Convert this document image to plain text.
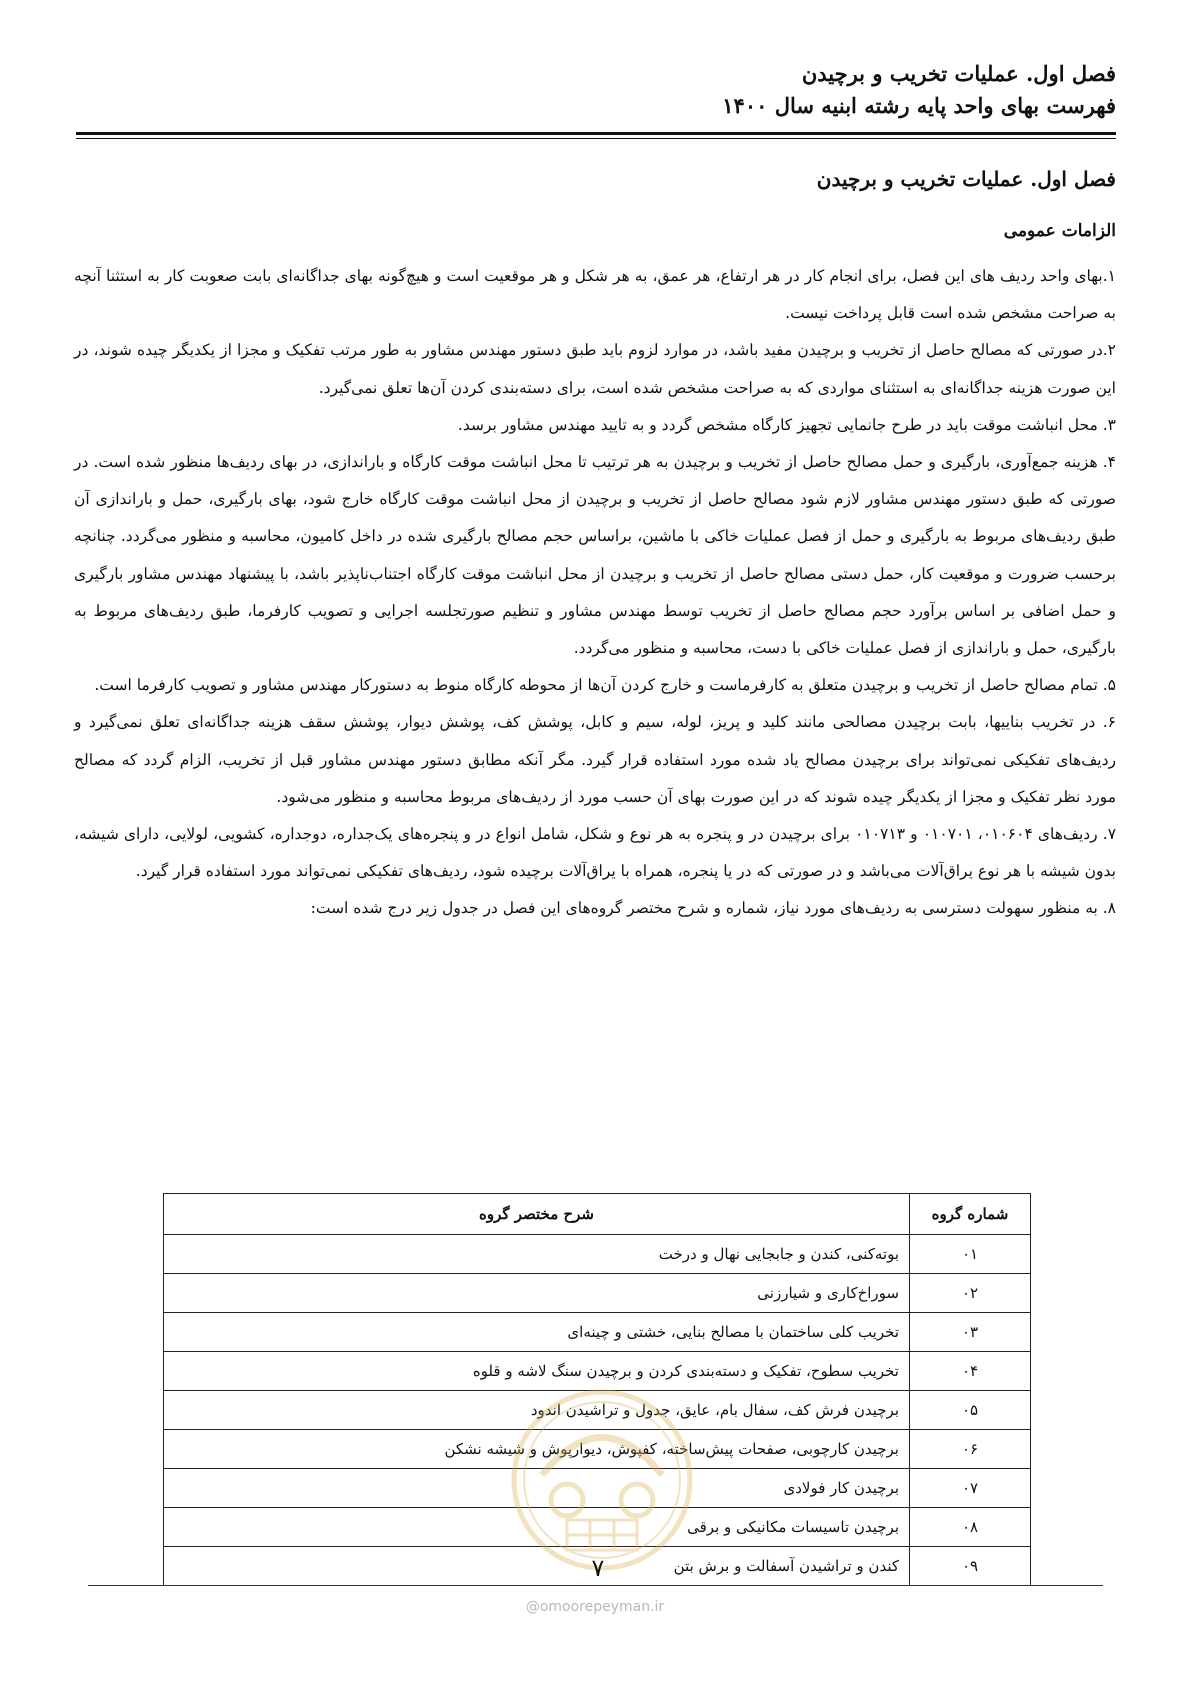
فصل اول. عملیات تخریب و برچیدن
فهرست بهای واحد پایه رشته ابنیه سال ۱۴۰۰
فصل اول. عملیات تخریب و برچیدن
الزامات عمومی

۱.بهای واحد ردیف های این فصل، برای انجام کار در هر ارتفاع، هر عمق، به هر شکل و هر موقعیت است و هیچ‌گونه بهای جداگانه‌ای بابت صعوبت کار به استثنا آنچه به صراحت مشخص شده است قابل پرداخت نیست.

۲.در صورتی که مصالح حاصل از تخریب و برچیدن مفید باشد، در موارد لزوم باید طبق دستور مهندس مشاور به طور مرتب تفکیک و مجزا از یکدیگر چیده شوند، در این صورت هزینه جداگانه‌ای به استثنای مواردی که به صراحت مشخص شده است، برای دسته‌بندی کردن آن‌ها تعلق نمی‌گیرد.

۳. محل انباشت موقت باید در طرح جانمایی تجهیز کارگاه مشخص گردد و به تایید مهندس مشاور برسد.

۴. هزینه جمع‌آوری، بارگیری و حمل مصالح حاصل از تخریب و برچیدن به هر ترتیب تا محل انباشت موقت کارگاه و باراندازی، در بهای ردیف‌ها منظور شده است. در صورتی که طبق دستور مهندس مشاور لازم شود مصالح حاصل از تخریب و برچیدن از محل انباشت موقت کارگاه خارج شود، بهای بارگیری، حمل و باراندازی آن طبق ردیف‌های مربوط به بارگیری و حمل از فصل عملیات خاکی با ماشین، براساس حجم مصالح بارگیری شده در داخل کامیون، محاسبه و منظور می‌گردد. چنانچه برحسب ضرورت و موقعیت کار، حمل دستی مصالح حاصل از تخریب و برچیدن از محل انباشت موقت کارگاه اجتناب‌ناپذیر باشد، با پیشنهاد مهندس مشاور بارگیری و حمل اضافی بر اساس برآورد حجم مصالح حاصل از تخریب توسط مهندس مشاور و تنظیم صورتجلسه اجرایی و تصویب کارفرما، طبق ردیف‌های مربوط به بارگیری، حمل و باراندازی از فصل عملیات خاکی با دست، محاسبه و منظور می‌گردد.

۵. تمام مصالح حاصل از تخریب و برچیدن متعلق به کارفرماست و خارج کردن آن‌ها از محوطه کارگاه منوط به دستورکار مهندس مشاور و تصویب کارفرما است.

۶. در تخریب بناییها، بابت برچیدن مصالحی مانند کلید و پریز، لوله، سیم و کابل، پوشش کف، پوشش دیوار، پوشش سقف هزینه جداگانه‌ای تعلق نمی‌گیرد و ردیف‌های تفکیکی نمی‌تواند برای برچیدن مصالح یاد شده مورد استفاده قرار گیرد. مگر آنکه مطابق دستور مهندس مشاور قبل از تخریب، الزام گردد که مصالح مورد نظر تفکیک و مجزا از یکدیگر چیده شوند که در این صورت بهای آن حسب مورد از ردیف‌های مربوط محاسبه و منظور می‌شود.

۷. ردیف‌های ۰۱۰۶۰۴، ۰۱۰۷۰۱ و ۰۱۰۷۱۳ برای برچیدن در و پنجره به هر نوع و شکل، شامل انواع در و پنجره‌های یک‌جداره، دوجداره، کشویی، لولایی، دارای شیشه، بدون شیشه با هر نوع یراق‌آلات می‌باشد و در صورتی که در یا پنجره، همراه با یراق‌آلات برچیده شود، ردیف‌های تفکیکی نمی‌تواند مورد استفاده قرار گیرد.

۸. به منظور سهولت دسترسی به ردیف‌های مورد نیاز، شماره و شرح مختصر گروه‌های این فصل در جدول زیر درج شده است:

شماره گروه	شرح مختصر گروه
۰۱	بوته‌کنی، کندن و جابجایی نهال و درخت
۰۲	سوراخ‌کاری و شیارزنی
۰۳	تخریب کلی ساختمان با مصالح بنایی، خشتی و چینه‌ای
۰۴	تخریب سطوح، تفکیک و دسته‌بندی کردن و برچیدن سنگ لاشه و قلوه
۰۵	برچیدن فرش کف، سفال بام، عایق، جدول و تراشیدن اندود
۰۶	برچیدن کارچوبی، صفحات پیش‌ساخته، کفپوش، دیوارپوش و شیشه نشکن
۰۷	برچیدن کار فولادی
۰۸	برچیدن تاسیسات مکانیکی و برقی
۰۹	کندن و تراشیدن آسفالت و برش بتن
۷
@omoorepeyman.ir
